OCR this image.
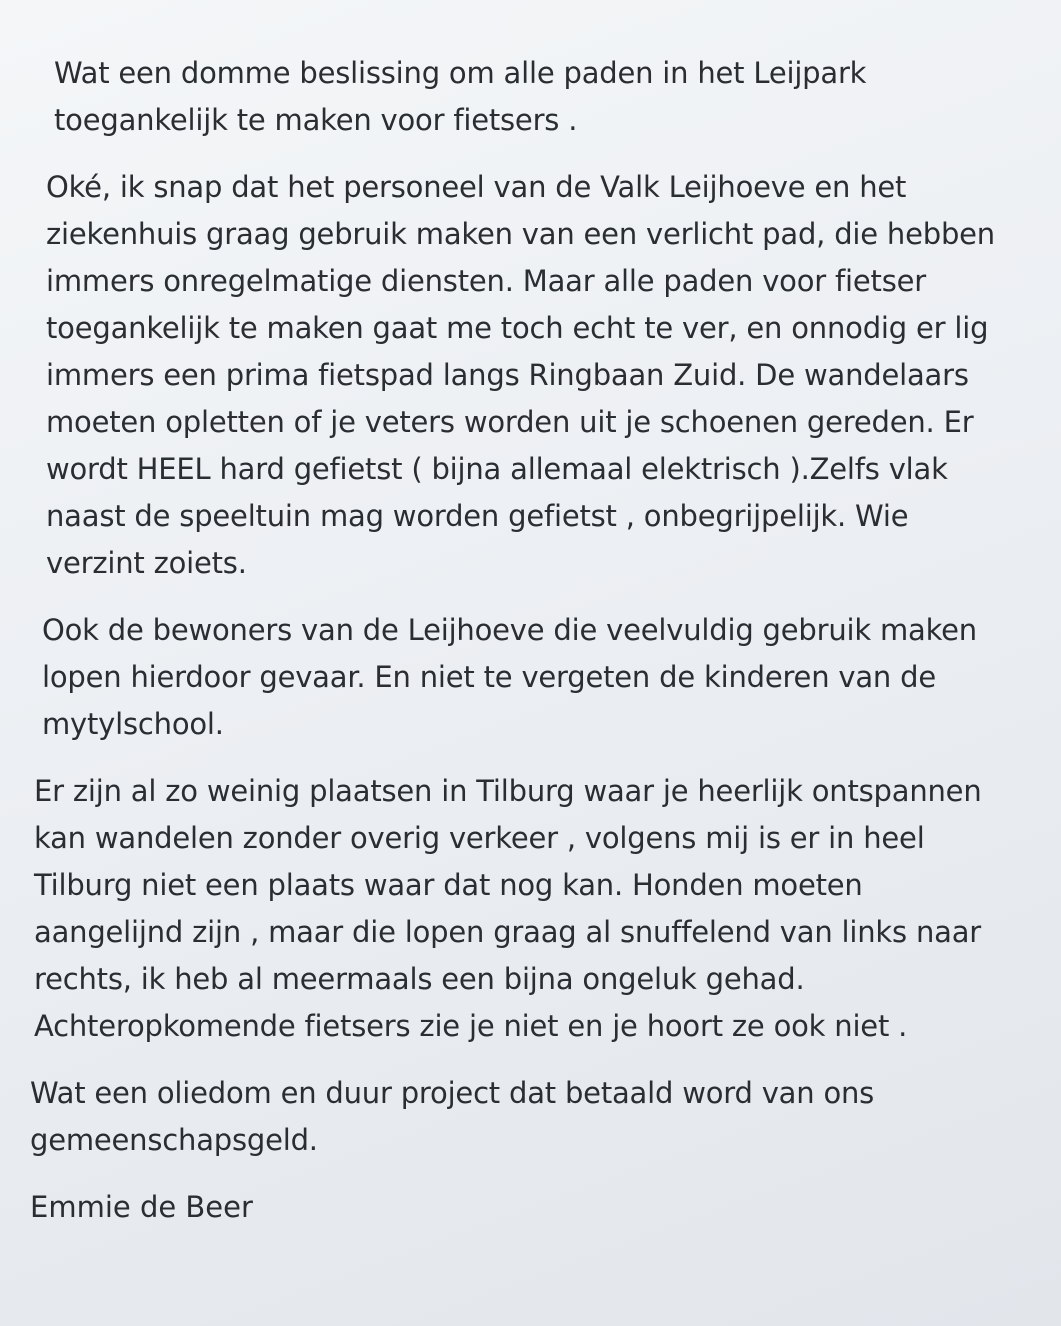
Wat een domme beslissing om alle paden in het Leijpark
toegankelijk te maken voor fietsers .
Oké, ik snap dat het personeel van de Valk Leijhoeve en het
ziekenhuis graag gebruik maken van een verlicht pad, die hebben
immers onregelmatige diensten. Maar alle paden voor fietser
toegankelijk te maken gaat me toch echt te ver, en onnodig er lig
immers een prima fietspad langs Ringbaan Zuid. De wandelaars
moeten opletten of je veters worden uit je schoenen gereden. Er
wordt HEEL hard gefietst ( bijna allemaal elektrisch ).Zelfs vlak
naast de speeltuin mag worden gefietst , onbegrijpelijk. Wie
verzint zoiets.
Ook de bewoners van de Leijhoeve die veelvuldig gebruik maken
lopen hierdoor gevaar. En niet te vergeten de kinderen van de
mytylschool.
Er zijn al zo weinig plaatsen in Tilburg waar je heerlijk ontspannen
kan wandelen zonder overig verkeer , volgens mij is er in heel
Tilburg niet een plaats waar dat nog kan. Honden moeten
aangelijnd zijn , maar die lopen graag al snuffelend van links naar
rechts, ik heb al meermaals een bijna ongeluk gehad.
Achteropkomende fietsers zie je niet en je hoort ze ook niet .
Wat een oliedom en duur project dat betaald word van ons
gemeenschapsgeld.
Emmie de Beer
